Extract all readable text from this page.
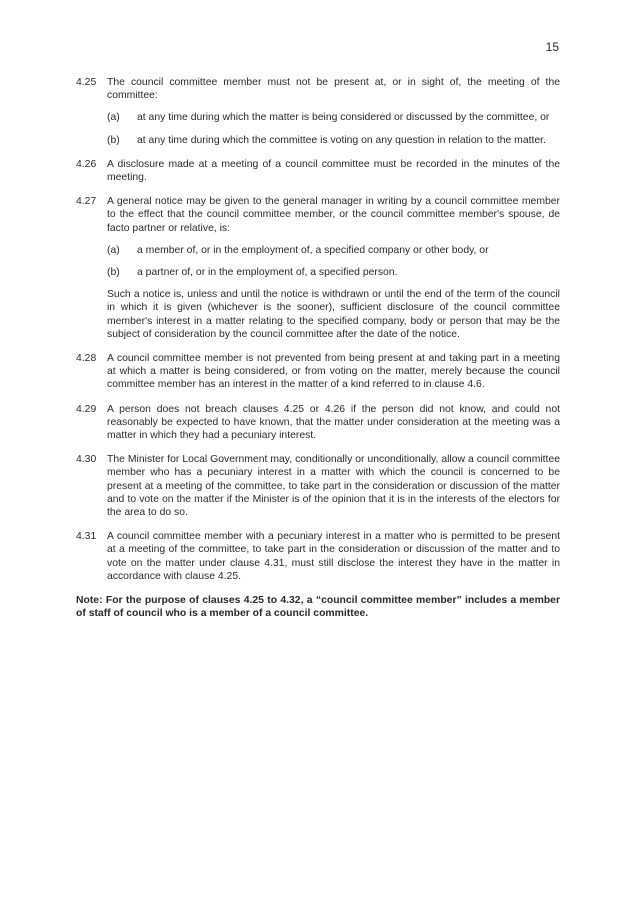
15
4.25	The council committee member must not be present at, or in sight of, the meeting of the committee:

(a)	at any time during which the matter is being considered or discussed by the committee, or
(b)	at any time during which the committee is voting on any question in relation to the matter.
4.26	A disclosure made at a meeting of a council committee must be recorded in the minutes of the meeting.

4.27	A general notice may be given to the general manager in writing by a council committee member to the effect that the council committee member, or the council committee member's spouse, de facto partner or relative, is:

(a)	a member of, or in the employment of, a specified company or other body, or
(b)	a partner of, or in the employment of, a specified person.

Such a notice is, unless and until the notice is withdrawn or until the end of the term of the council in which it is given (whichever is the sooner), sufficient disclosure of the council committee member's interest in a matter relating to the specified company, body or person that may be the subject of consideration by the council committee after the date of the notice.

4.28	A council committee member is not prevented from being present at and taking part in a meeting at which a matter is being considered, or from voting on the matter, merely because the council committee member has an interest in the matter of a kind referred to in clause 4.6.

4.29	A person does not breach clauses 4.25 or 4.26 if the person did not know, and could not reasonably be expected to have known, that the matter under consideration at the meeting was a matter in which they had a pecuniary interest.

4.30	The Minister for Local Government may, conditionally or unconditionally, allow a council committee member who has a pecuniary interest in a matter with which the council is concerned to be present at a meeting of the committee, to take part in the consideration or discussion of the matter and to vote on the matter if the Minister is of the opinion that it is in the interests of the electors for the area to do so.

4.31	A council committee member with a pecuniary interest in a matter who is permitted to be present at a meeting of the committee, to take part in the consideration or discussion of the matter and to vote on the matter under clause 4.31, must still disclose the interest they have in the matter in accordance with clause 4.25.

Note: For the purpose of clauses 4.25 to 4.32, a “council committee member” includes a member of staff of council who is a member of a council committee.
